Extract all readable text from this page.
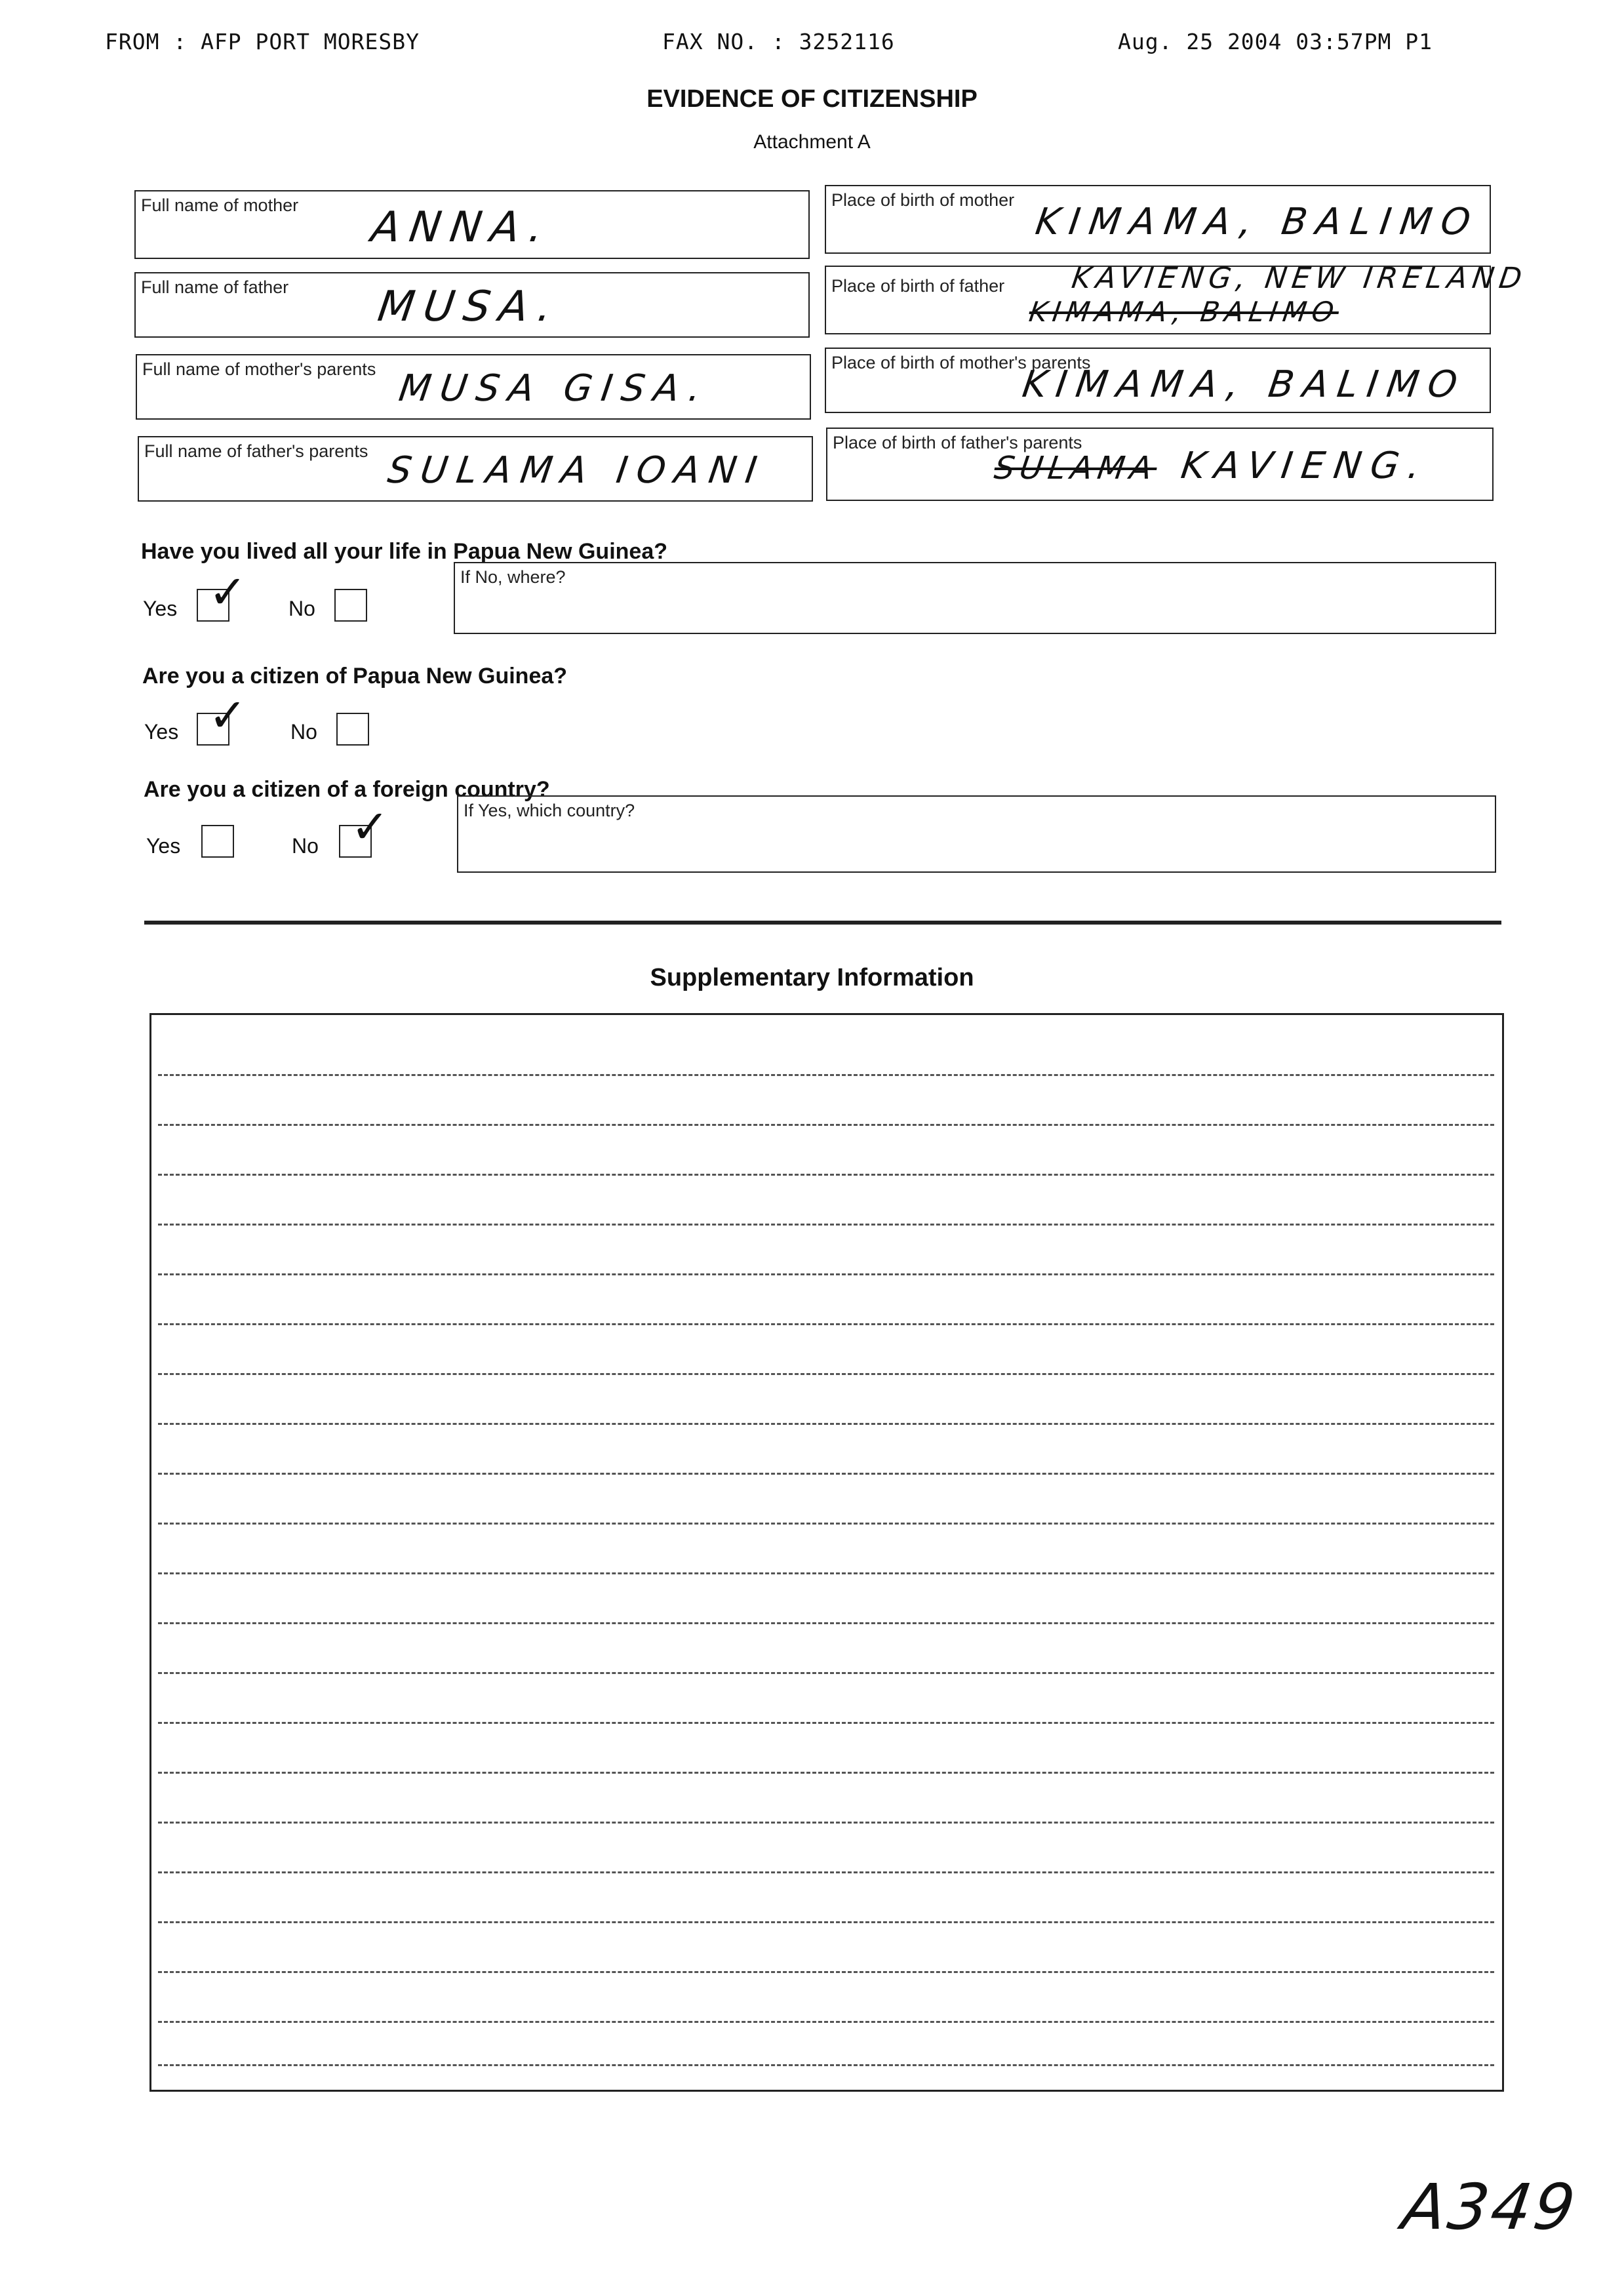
FROM : AFP PORT MORESBY	FAX NO. : 3252116	Aug. 25 2004 03:57PM P1
EVIDENCE OF CITIZENSHIP
Attachment A
Full name of mother ANNA.
Place of birth of mother
KIMAMA, BALIMO
Full name of father MUSA.	Place of birth of father KAVIENG, NEW IRELAND
KIMAMA, BALIMO
Full name of mother's parents MUSA GISA.
Place of birth of mother's parents
KIMAMA, BALIMO
Full name of father's parents SULAMA IOANI
Place of birth of father's parents
SULAMA KAVIENG.
Have you lived all your life in Papua New Guinea?
Yes ✓ No
If No, where?
Are you a citizen of Papua New Guinea?
Yes ✓ No
Are you a citizen of a foreign country?
Yes	No ✓	If Yes, which country?
Supplementary Information
A349
